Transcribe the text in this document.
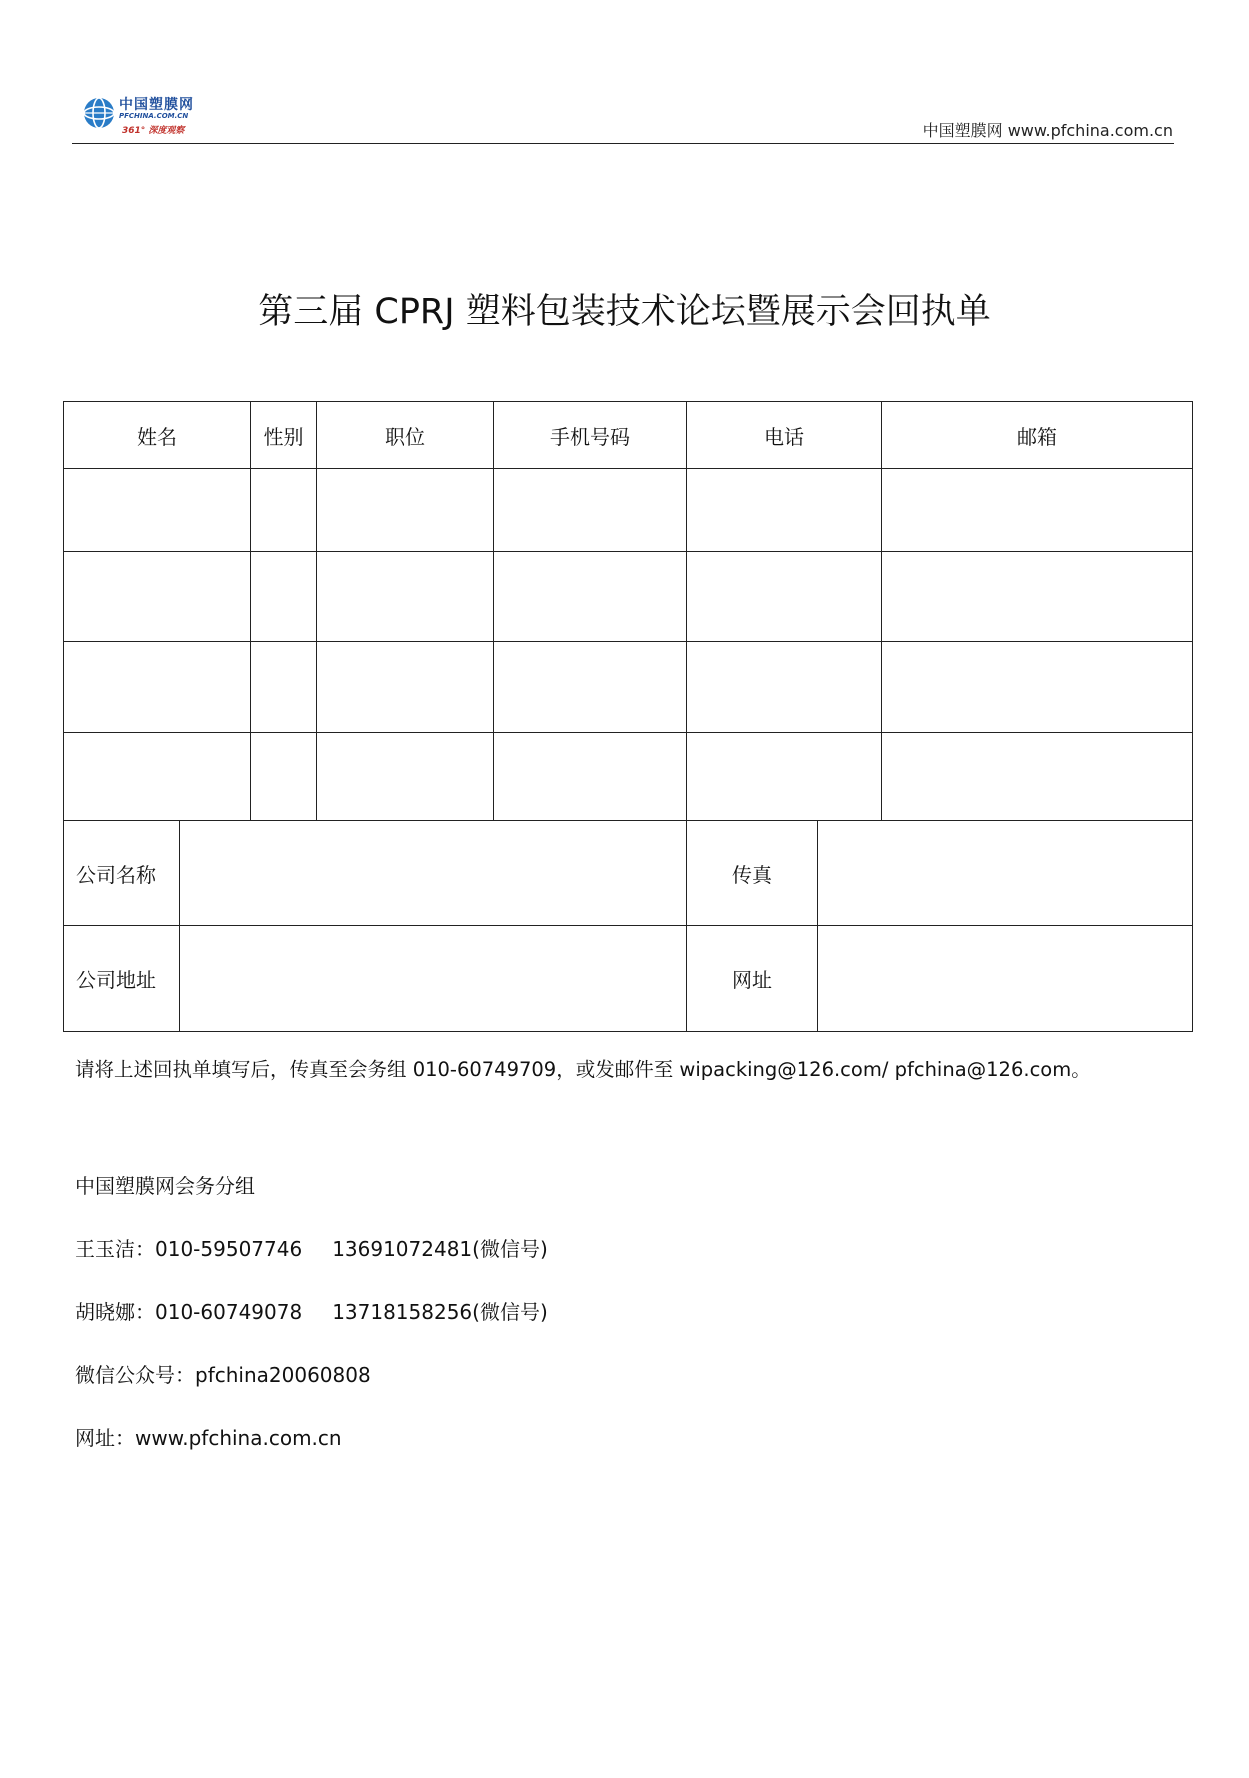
中国塑膜网
PFCHINA.COM.CN
361° 深度观察	中国塑膜网 www.pfchina.com.cn
第三届 CPRJ 塑料包装技术论坛暨展示会回执单
姓名		性别	职位	手机号码	电话		邮箱

公司名称					传真		
公司地址					网址		
请将上述回执单填写后，传真至会务组 010-60749709，或发邮件至 wipacking@126.com/ pfchina@126.com。
中国塑膜网会务分组
王玉洁：010-59507746 13691072481(微信号)
胡晓娜：010-60749078 13718158256(微信号)
微信公众号：pfchina20060808
网址：www.pfchina.com.cn
